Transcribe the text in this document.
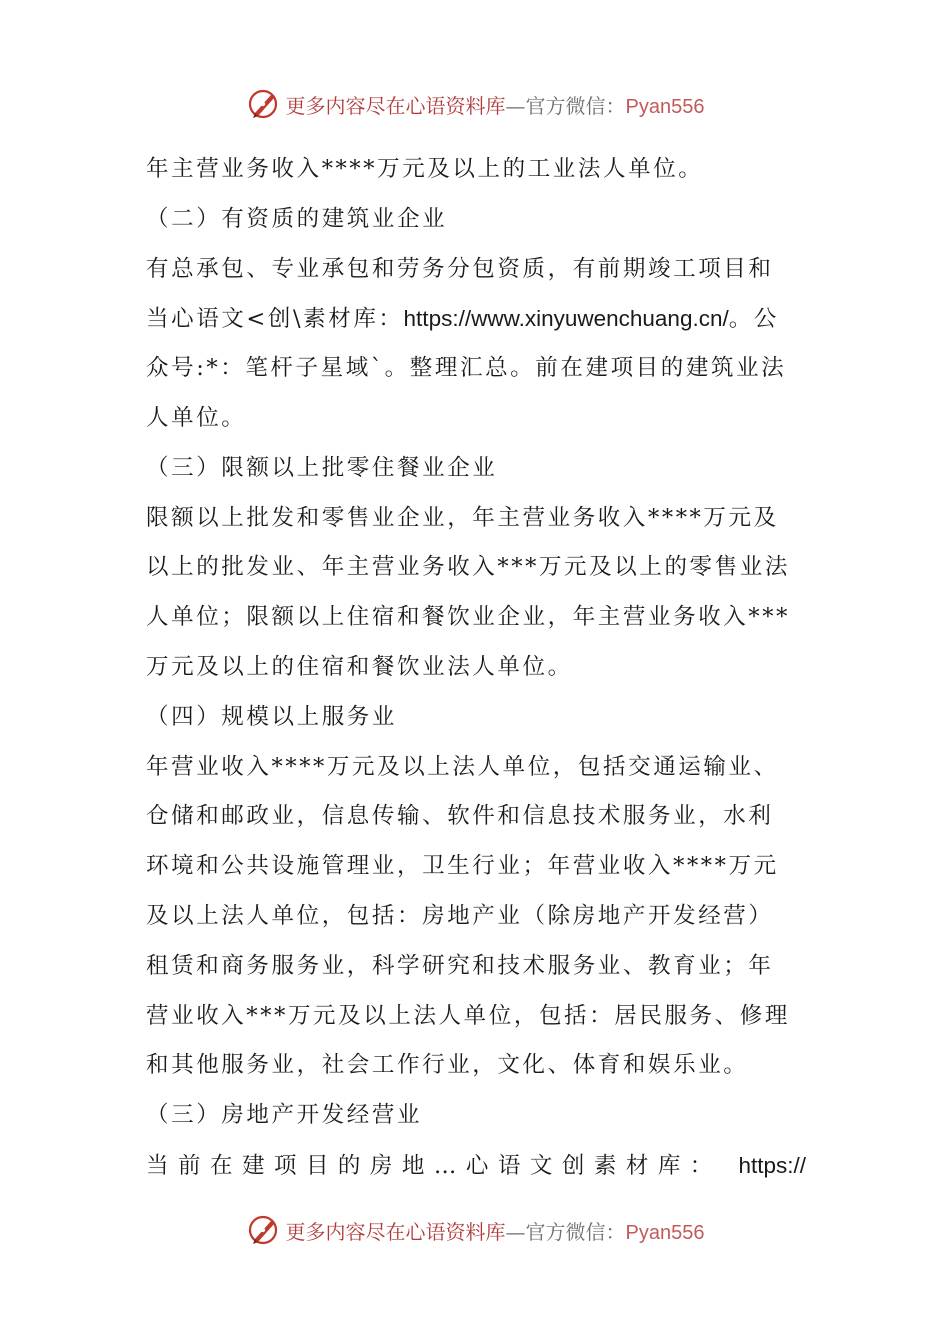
更多内容尽在心语资料库—官方微信：Pyan556
年主营业务收入****万元及以上的工业法人单位。
（二）有资质的建筑业企业
有总承包、专业承包和劳务分包资质，有前期竣工项目和
当心语文<创\素材库：https://www.xinyuwenchuang.cn/。公
众号:*：笔杆子星域`。整理汇总。前在建项目的建筑业法
人单位。
（三）限额以上批零住餐业企业
限额以上批发和零售业企业，年主营业务收入****万元及
以上的批发业、年主营业务收入***万元及以上的零售业法
人单位；限额以上住宿和餐饮业企业，年主营业务收入***
万元及以上的住宿和餐饮业法人单位。
（四）规模以上服务业
年营业收入****万元及以上法人单位，包括交通运输业、
仓储和邮政业，信息传输、软件和信息技术服务业，水利
环境和公共设施管理业，卫生行业；年营业收入****万元
及以上法人单位，包括：房地产业（除房地产开发经营）
租赁和商务服务业，科学研究和技术服务业、教育业；年
营业收入***万元及以上法人单位，包括：居民服务、修理
和其他服务业，社会工作行业，文化、体育和娱乐业。
（三）房地产开发经营业
当前在建项目的房地…心语文创素材库： https://
更多内容尽在心语资料库—官方微信：Pyan556
